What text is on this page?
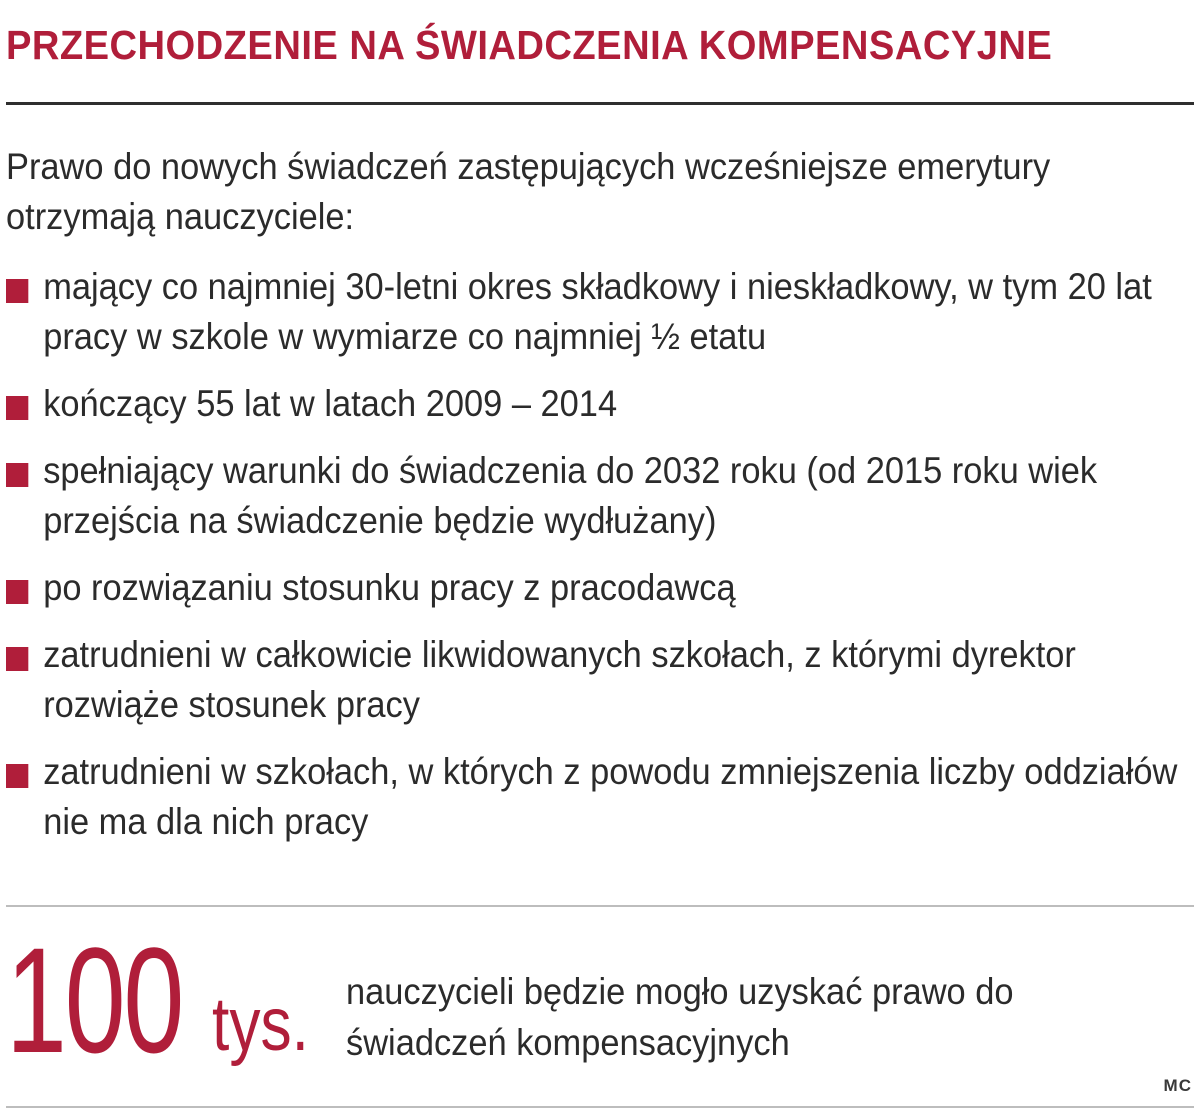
PRZECHODZENIE NA ŚWIADCZENIA KOMPENSACYJNE

Prawo do nowych świadczeń zastępujących wcześniejsze emerytury otrzymają nauczyciele:

mający co najmniej 30-letni okres składkowy i nieskładkowy, w tym 20 lat pracy w szkole w wymiarze co najmniej ½ etatu
kończący 55 lat w latach 2009 – 2014
spełniający warunki do świadczenia do 2032 roku (od 2015 roku wiek przejścia na świadczenie będzie wydłużany)
po rozwiązaniu stosunku pracy z pracodawcą
zatrudnieni w całkowicie likwidowanych szkołach, z którymi dyrektor rozwiąże stosunek pracy
zatrudnieni w szkołach, w których z powodu zmniejszenia liczby oddziałów nie ma dla nich pracy
100 tys. nauczycieli będzie mogło uzyskać prawo do świadczeń kompensacyjnych

MC
